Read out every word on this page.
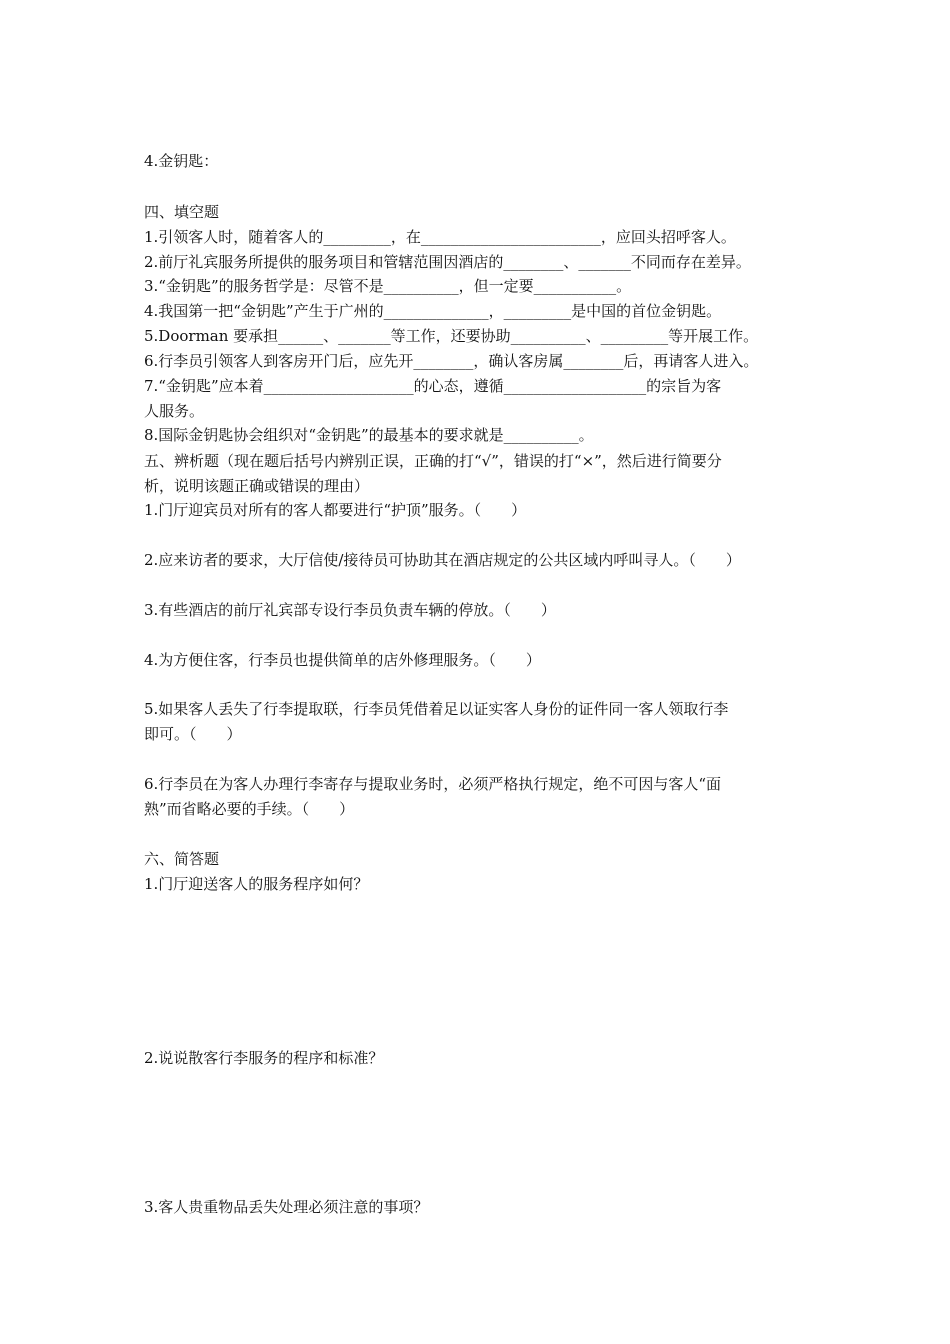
4.金钥匙：
四、填空题
1.引领客人时，随着客人的_________，在________________________，应回头招呼客人。
2.前厅礼宾服务所提供的服务项目和管辖范围因酒店的________、_______不同而存在差异。
3.“金钥匙”的服务哲学是：尽管不是__________，但一定要___________。
4.我国第一把“金钥匙”产生于广州的______________，_________是中国的首位金钥匙。
5.Doorman 要承担______、_______等工作，还要协助__________、_________等开展工作。
6.行李员引领客人到客房开门后，应先开________，确认客房属________后，再请客人进入。
7.“金钥匙”应本着____________________的心态，遵循___________________的宗旨为客
人服务。
8.国际金钥匙协会组织对“金钥匙”的最基本的要求就是__________。
五、辨析题（现在题后括号内辨别正误，正确的打“√”，错误的打“×”，然后进行简要分
析，说明该题正确或错误的理由）
1.门厅迎宾员对所有的客人都要进行“护顶”服务。（　　）
2.应来访者的要求，大厅信使/接待员可协助其在酒店规定的公共区域内呼叫寻人。（　　）
3.有些酒店的前厅礼宾部专设行李员负责车辆的停放。（　　）
4.为方便住客，行李员也提供简单的店外修理服务。（　　）
5.如果客人丢失了行李提取联，行李员凭借着足以证实客人身份的证件同一客人领取行李
即可。（　　）
6.行李员在为客人办理行李寄存与提取业务时，必须严格执行规定，绝不可因与客人“面
熟”而省略必要的手续。（　　）
六、简答题
1.门厅迎送客人的服务程序如何？
2.说说散客行李服务的程序和标准？
3.客人贵重物品丢失处理必须注意的事项？
